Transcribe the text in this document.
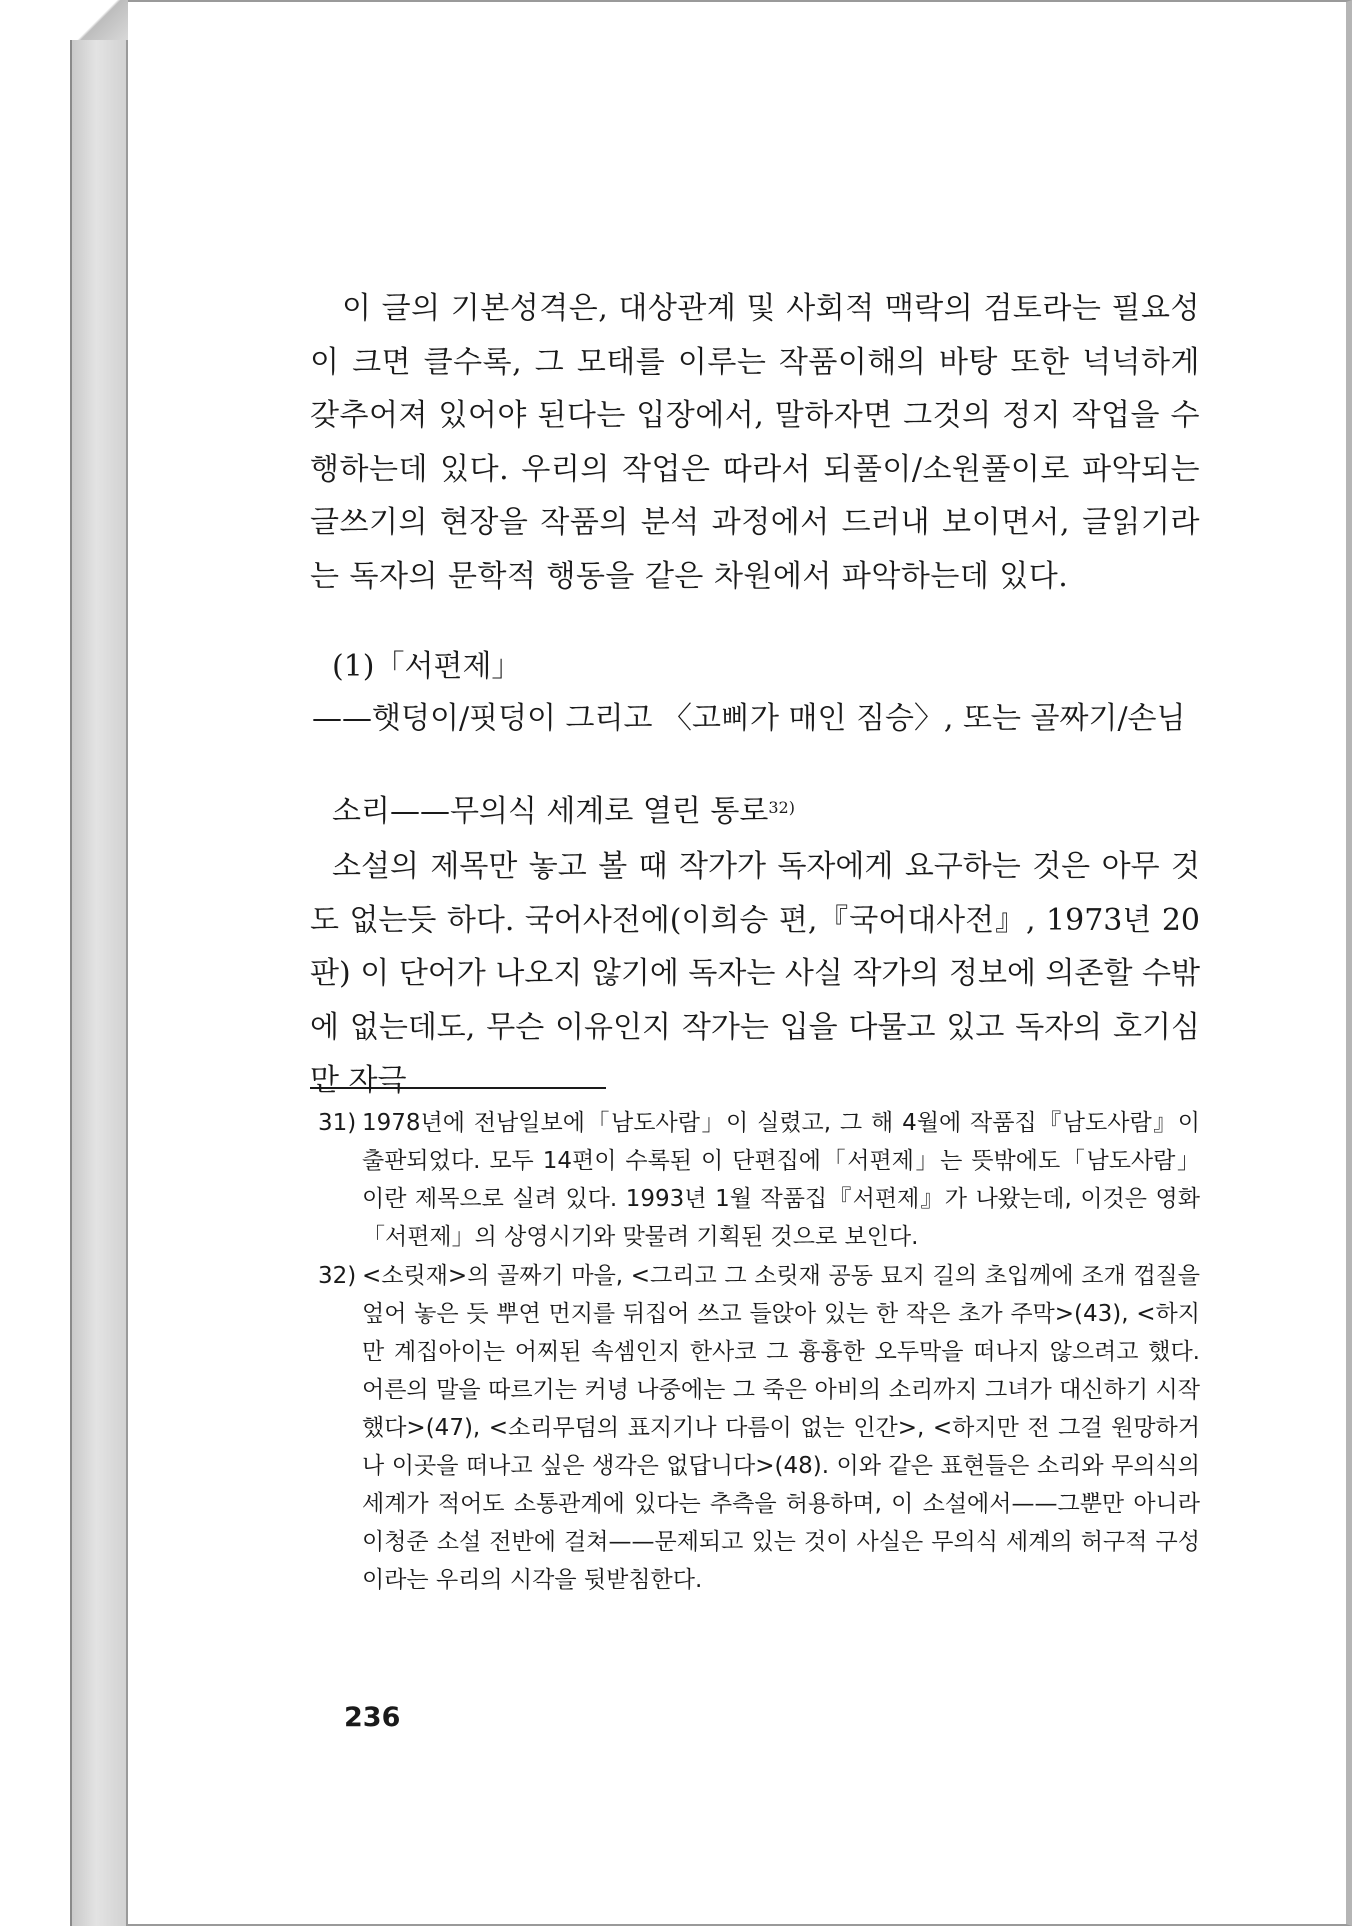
이 글의 기본성격은, 대상관계 및 사회적 맥락의 검토라는 필요성이 크면 클수록, 그 모태를 이루는 작품이해의 바탕 또한 넉넉하게 갖추어져 있어야 된다는 입장에서, 말하자면 그것의 정지 작업을 수행하는데 있다. 우리의 작업은 따라서 되풀이/소원풀이로 파악되는 글쓰기의 현장을 작품의 분석 과정에서 드러내 보이면서, 글읽기라는 독자의 문학적 행동을 같은 차원에서 파악하는데 있다.

(1)「서편제」
——햇덩이/핏덩이 그리고 〈고삐가 매인 짐승〉, 또는 골짜기/손님
소리——무의식 세계로 열린 통로$^{32)}$

소설의 제목만 놓고 볼 때 작가가 독자에게 요구하는 것은 아무 것도 없는듯 하다. 국어사전에(이희승 편,『국어대사전』, 1973년 20판) 이 단어가 나오지 않기에 독자는 사실 작가의 정보에 의존할 수밖에 없는데도, 무슨 이유인지 작가는 입을 다물고 있고 독자의 호기심만 자극

31) 1978년에 전남일보에「남도사람」이 실렸고, 그 해 4월에 작품집『남도사람』이 출판되었다. 모두 14편이 수록된 이 단편집에「서편제」는 뜻밖에도「남도사람」이란 제목으로 실려 있다. 1993년 1월 작품집『서편제』가 나왔는데, 이것은 영화「서편제」의 상영시기와 맞물려 기획된 것으로 보인다.

32) <소릿재>의 골짜기 마을, <그리고 그 소릿재 공동 묘지 길의 초입께에 조개 껍질을 엎어 놓은 듯 뿌연 먼지를 뒤집어 쓰고 들앉아 있는 한 작은 초가 주막>(43), <하지만 계집아이는 어찌된 속셈인지 한사코 그 흉흉한 오두막을 떠나지 않으려고 했다. 어른의 말을 따르기는 커녕 나중에는 그 죽은 아비의 소리까지 그녀가 대신하기 시작했다>(47), <소리무덤의 표지기나 다름이 없는 인간>, <하지만 전 그걸 원망하거나 이곳을 떠나고 싶은 생각은 없답니다>(48). 이와 같은 표현들은 소리와 무의식의 세계가 적어도 소통관계에 있다는 추측을 허용하며, 이 소설에서——그뿐만 아니라 이청준 소설 전반에 걸쳐——문제되고 있는 것이 사실은 무의식 세계의 허구적 구성이라는 우리의 시각을 뒷받침한다.

236
